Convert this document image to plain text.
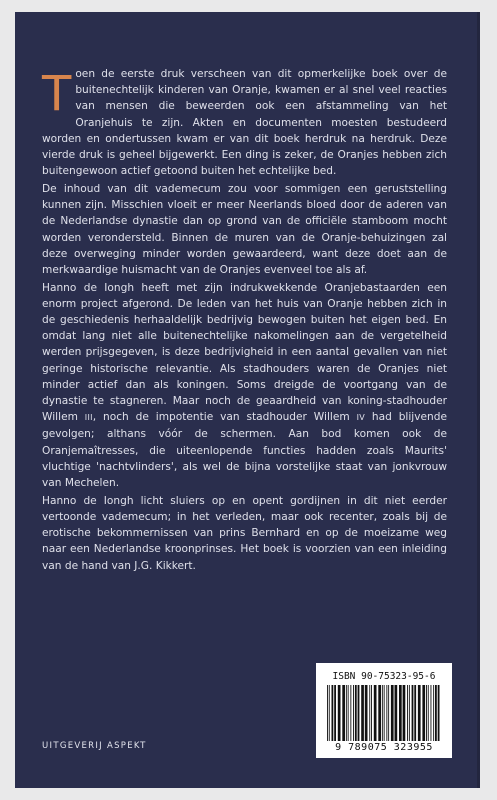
Toen de eerste druk verscheen van dit opmerkelijke boek over de buitenechtelijk kinderen van Oranje, kwamen er al snel veel reacties van mensen die beweerden ook een afstammeling van het Oranjehuis te zijn. Akten en documenten moesten bestudeerd worden en ondertussen kwam er van dit boek herdruk na herdruk. Deze vierde druk is geheel bijgewerkt. Een ding is zeker, de Oranjes hebben zich buitengewoon actief getoond buiten het echtelijke bed.

De inhoud van dit vademecum zou voor sommigen een geruststelling kunnen zijn. Misschien vloeit er meer Neerlands bloed door de aderen van de Nederlandse dynastie dan op grond van de officiële stamboom mocht worden verondersteld. Binnen de muren van de Oranje-behuizingen zal deze overweging minder worden gewaardeerd, want deze doet aan de merkwaardige huismacht van de Oranjes evenveel toe als af.

Hanno de Iongh heeft met zijn indrukwekkende Oranjebastaarden een enorm project afgerond. De leden van het huis van Oranje hebben zich in de geschiedenis herhaaldelijk bedrijvig bewogen buiten het eigen bed. En omdat lang niet alle buitenechtelijke nakomelingen aan de vergetelheid werden prijsgegeven, is deze bedrijvigheid in een aantal gevallen van niet geringe historische relevantie. Als stadhouders waren de Oranjes niet minder actief dan als koningen. Soms dreigde de voortgang van de dynastie te stagneren. Maar noch de geaardheid van koning-stadhouder Willem III, noch de impotentie van stadhouder Willem IV had blijvende gevolgen; althans vóór de schermen. Aan bod komen ook de Oranjemaîtresses, die uiteenlopende functies hadden zoals Maurits' vluchtige 'nachtvlinders', als wel de bijna vorstelijke staat van jonkvrouw van Mechelen.

Hanno de Iongh licht sluiers op en opent gordijnen in dit niet eerder vertoonde vademecum; in het verleden, maar ook recenter, zoals bij de erotische bekommernissen van prins Bernhard en op de moeizame weg naar een Nederlandse kroonprinses. Het boek is voorzien van een inleiding van de hand van J.G. Kikkert.

ISBN 90-75323-95-6
9 789075 323955
UITGEVERIJ ASPEKT
